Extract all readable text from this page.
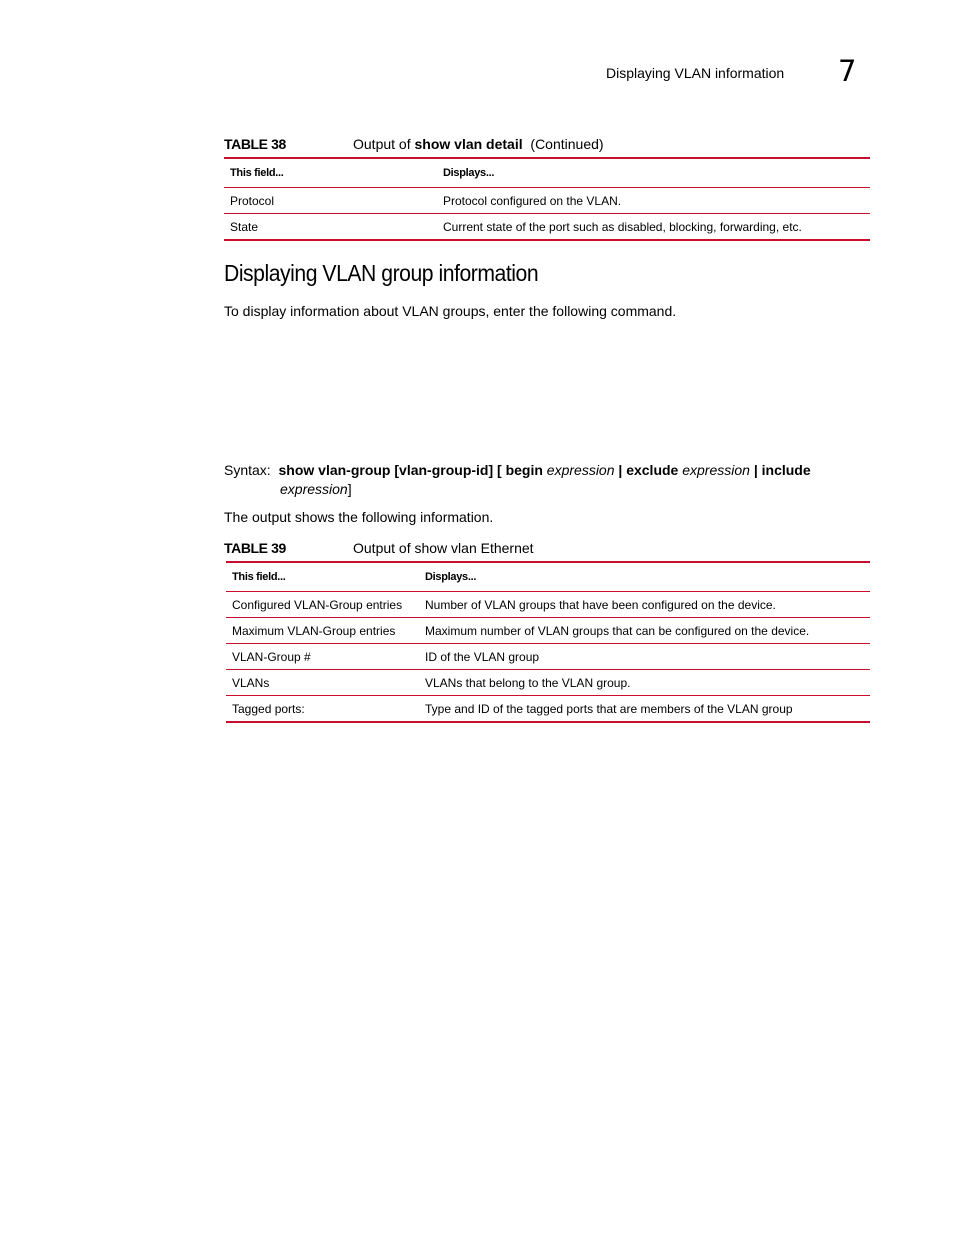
Displaying VLAN information 7
TABLE 38	Output of show vlan detail (Continued)
This field...	Displays...
Protocol	Protocol configured on the VLAN.
State	Current state of the port such as disabled, blocking, forwarding, etc.
Displaying VLAN group information
To display information about VLAN groups, enter the following command.
Syntax: show vlan-group [vlan-group-id] [ begin expression | exclude expression | include
expression]
The output shows the following information.
TABLE 39	Output of show vlan Ethernet
This field...	Displays...
Configured VLAN-Group entries	Number of VLAN groups that have been configured on the device.
Maximum VLAN-Group entries	Maximum number of VLAN groups that can be configured on the device.
VLAN-Group #	ID of the VLAN group
VLANs	VLANs that belong to the VLAN group.
Tagged ports:	Type and ID of the tagged ports that are members of the VLAN group
